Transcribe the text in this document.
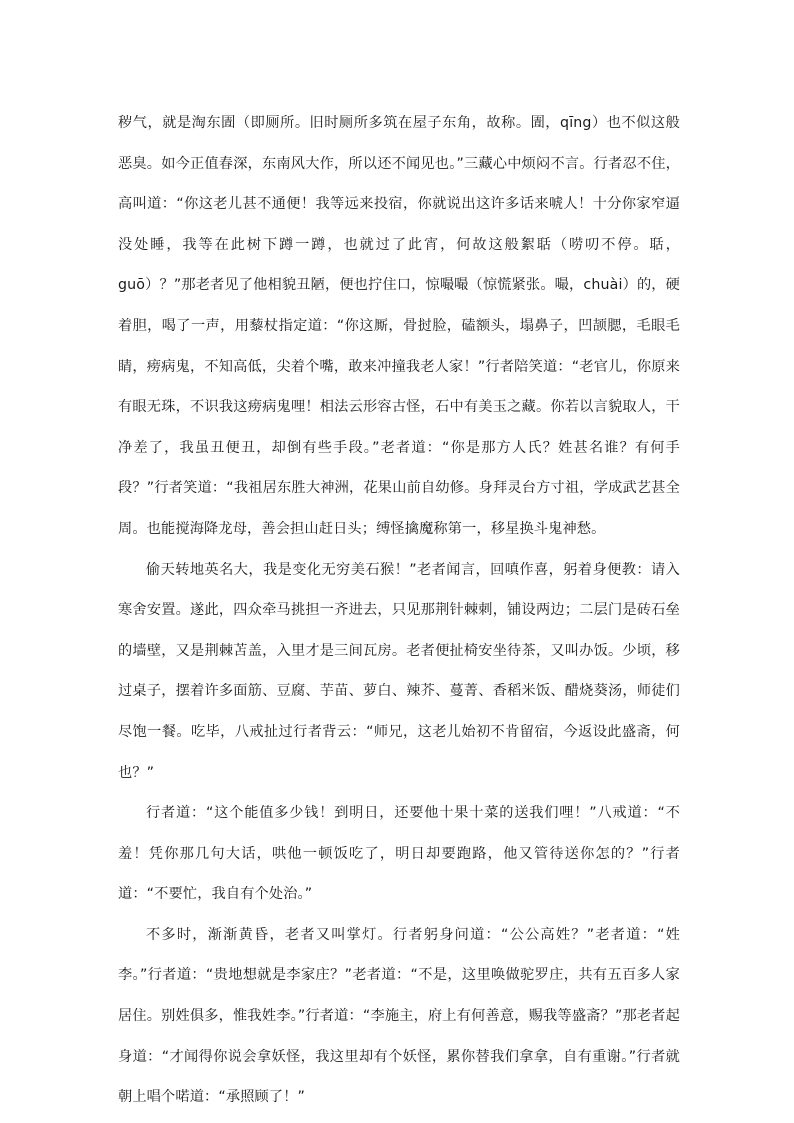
秽气，就是淘东圊（即厕所。旧时厕所多筑在屋子东角，故称。圊，qīng）也不似这般恶臭。如今正值春深，东南风大作，所以还不闻见也。”三藏心中烦闷不言。行者忍不住，高叫道：“你这老儿甚不通便！我等远来投宿，你就说出这许多话来唬人！十分你家窄逼没处睡，我等在此树下蹲一蹲，也就过了此宵，何故这般絮聒（唠叨不停。聒，guō）？”那老者见了他相貌丑陋，便也拧住口，惊嘬嘬（惊慌紧张。嘬，chuài）的，硬着胆，喝了一声，用藜杖指定道：“你这厮，骨挝脸，磕额头，塌鼻子，凹颉腮，毛眼毛睛，痨病鬼，不知高低，尖着个嘴，敢来冲撞我老人家！”行者陪笑道：“老官儿，你原来有眼无珠，不识我这痨病鬼哩！相法云形容古怪，石中有美玉之藏。你若以言貌取人，干净差了，我虽丑便丑，却倒有些手段。”老者道：“你是那方人氏？姓甚名谁？有何手段？”行者笑道：“我祖居东胜大神洲，花果山前自幼修。身拜灵台方寸祖，学成武艺甚全周。也能搅海降龙母，善会担山赶日头；缚怪擒魔称第一，移星换斗鬼神愁。

偷天转地英名大，我是变化无穷美石猴！”老者闻言，回嗔作喜，躬着身便教：请入寒舍安置。遂此，四众牵马挑担一齐进去，只见那荆针棘刺，铺设两边；二层门是砖石垒的墙壁，又是荆棘苫盖，入里才是三间瓦房。老者便扯椅安坐待茶，又叫办饭。少顷，移过桌子，摆着许多面筋、豆腐、芋苗、萝白、辣芥、蔓菁、香稻米饭、醋烧葵汤，师徒们尽饱一餐。吃毕，八戒扯过行者背云：“师兄，这老儿始初不肯留宿，今返设此盛斋，何也？”

行者道：“这个能值多少钱！到明日，还要他十果十菜的送我们哩！”八戒道：“不羞！凭你那几句大话，哄他一顿饭吃了，明日却要跑路，他又管待送你怎的？”行者道：“不要忙，我自有个处治。”

不多时，渐渐黄昏，老者又叫掌灯。行者躬身问道：“公公高姓？”老者道：“姓李。”行者道：“贵地想就是李家庄？”老者道：“不是，这里唤做驼罗庄，共有五百多人家居住。别姓俱多，惟我姓李。”行者道：“李施主，府上有何善意，赐我等盛斋？”那老者起身道：“才闻得你说会拿妖怪，我这里却有个妖怪，累你替我们拿拿，自有重谢。”行者就朝上唱个喏道：“承照顾了！”
